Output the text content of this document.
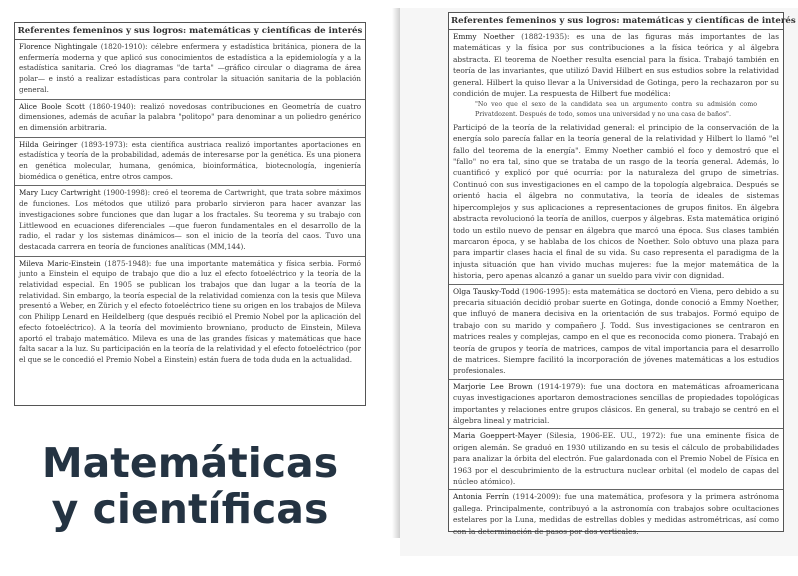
Referentes femeninos y sus logros: matemáticas y científicas de interés
Florence Nightingale (1820-1910): célebre enfermera y estadística británica, pionera de la enfermería moderna y que aplicó sus conocimientos de estadística a la epidemiología y a la estadística sanitaria. Creó los diagramas "de tarta" —gráfico circular o diagrama de área polar— e instó a realizar estadísticas para controlar la situación sanitaria de la población general.
Alice Boole Scott (1860-1940): realizó novedosas contribuciones en Geometría de cuatro dimensiones, además de acuñar la palabra "politopo" para denominar a un poliedro genérico en dimensión arbitraria.
Hilda Geiringer (1893-1973): esta científica austriaca realizó importantes aportaciones en estadística y teoría de la probabilidad, además de interesarse por la genética. Es una pionera en genética molecular, humana, genómica, bioinformática, biotecnología, ingeniería biomédica o genética, entre otros campos.
Mary Lucy Cartwright (1900-1998): creó el teorema de Cartwright, que trata sobre máximos de funciones. Los métodos que utilizó para probarlo sirvieron para hacer avanzar las investigaciones sobre funciones que dan lugar a los fractales. Su teorema y su trabajo con Littlewood en ecuaciones diferenciales —que fueron fundamentales en el desarrollo de la radio, el radar y los sistemas dinámicos— son el inicio de la teoría del caos. Tuvo una destacada carrera en teoría de funciones analíticas (MM,144).
Mileva Maric-Einstein (1875-1948): fue una importante matemática y física serbia. Formó junto a Einstein el equipo de trabajo que dio a luz el efecto fotoeléctrico y la teoría de la relatividad especial. En 1905 se publican los trabajos que dan lugar a la teoría de la relatividad. Sin embargo, la teoría especial de la relatividad comienza con la tesis que Mileva presentó a Weber, en Zürich y el efecto fotoeléctrico tiene su origen en los trabajos de Mileva con Philipp Lenard en Heildelberg (que después recibió el Premio Nobel por la aplicación del efecto fotoeléctrico). A la teoría del movimiento browniano, producto de Einstein, Mileva aportó el trabajo matemático. Mileva es una de las grandes físicas y matemáticas que hace falta sacar a la luz. Su participación en la teoría de la relatividad y el efecto fotoeléctrico (por el que se le concedió el Premio Nobel a Einstein) están fuera de toda duda en la actualidad.
Matemáticas
y científicas
Referentes femeninos y sus logros: matemáticas y científicas de interés
Emmy Noether (1882-1935): es una de las figuras más importantes de las matemáticas y la física por sus contribuciones a la física teórica y al álgebra abstracta. El teorema de Noether resulta esencial para la física. Trabajó también en teoría de las invariantes, que utilizó David Hilbert en sus estudios sobre la relatividad general. Hilbert la quiso llevar a la Universidad de Gotinga, pero la rechazaron por su condición de mujer. La respuesta de Hilbert fue modélica:
"No veo que el sexo de la candidata sea un argumento contra su admisión como Privatdozent. Después de todo, somos una universidad y no una casa de baños".
Participó de la teoría de la relatividad general: el principio de la conservación de la energía solo parecía fallar en la teoría general de la relatividad y Hilbert lo llamó "el fallo del teorema de la energía". Emmy Noether cambió el foco y demostró que el "fallo" no era tal, sino que se trataba de un rasgo de la teoría general. Además, lo cuantificó y explicó por qué ocurría: por la naturaleza del grupo de simetrías. Continuó con sus investigaciones en el campo de la topología algebraica. Después se orientó hacia el álgebra no conmutativa, la teoría de ideales de sistemas hipercomplejos y sus aplicaciones a representaciones de grupos finitos. En álgebra abstracta revolucionó la teoría de anillos, cuerpos y álgebras. Esta matemática originó todo un estilo nuevo de pensar en álgebra que marcó una época. Sus clases también marcaron época, y se hablaba de los chicos de Noether. Solo obtuvo una plaza para para impartir clases hacia el final de su vida. Su caso representa el paradigma de la injusta situación que han vivido muchas mujeres: fue la mejor matemática de la historia, pero apenas alcanzó a ganar un sueldo para vivir con dignidad.
Olga Tausky-Todd (1906-1995): esta matemática se doctoró en Viena, pero debido a su precaria situación decidió probar suerte en Gotinga, donde conoció a Emmy Noether, que influyó de manera decisiva en la orientación de sus trabajos. Formó equipo de trabajo con su marido y compañero J. Todd. Sus investigaciones se centraron en matrices reales y complejas, campo en el que es reconocida como pionera. Trabajó en teoría de grupos y teoría de matrices, campos de vital importancia para el desarrollo de matrices. Siempre facilitó la incorporación de jóvenes matemáticas a los estudios profesionales.
Marjorie Lee Brown (1914-1979): fue una doctora en matemáticas afroamericana cuyas investigaciones aportaron demostraciones sencillas de propiedades topológicas importantes y relaciones entre grupos clásicos. En general, su trabajo se centró en el álgebra lineal y matricial.
Maria Goeppert-Mayer (Silesia, 1906-EE. UU., 1972): fue una eminente física de origen alemán. Se graduó en 1930 utilizando en su tesis el cálculo de probabilidades para analizar la órbita del electrón. Fue galardonada con el Premio Nobel de Física en 1963 por el descubrimiento de la estructura nuclear orbital (el modelo de capas del núcleo atómico).
Antonia Ferrín (1914-2009): fue una matemática, profesora y la primera astrónoma gallega. Principalmente, contribuyó a la astronomía con trabajos sobre ocultaciones estelares por la Luna, medidas de estrellas dobles y medidas astrométricas, así como con la determinación de pasos por dos verticales.
